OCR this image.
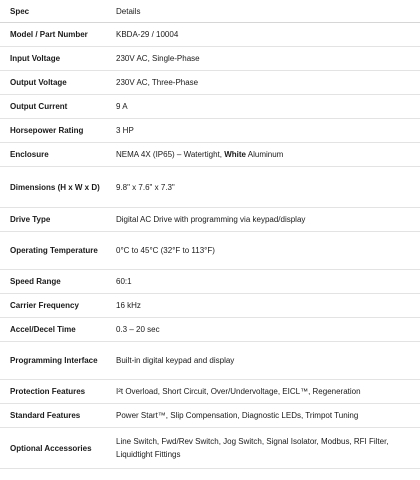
Spec	Details
Model / Part Number	KBDA-29 / 10004
Input Voltage	230V AC, Single-Phase
Output Voltage	230V AC, Three-Phase
Output Current	9 A
Horsepower Rating	3 HP
Enclosure	NEMA 4X (IP65) – Watertight, White Aluminum
Dimensions (H x W x D)	9.8" x 7.6" x 7.3"
Drive Type	Digital AC Drive with programming via keypad/display
Operating Temperature	0°C to 45°C (32°F to 113°F)
Speed Range	60:1
Carrier Frequency	16 kHz
Accel/Decel Time	0.3 – 20 sec
Programming Interface	Built-in digital keypad and display
Protection Features	I²t Overload, Short Circuit, Over/Undervoltage, EICL™, Regeneration
Standard Features	Power Start™, Slip Compensation, Diagnostic LEDs, Trimpot Tuning
Optional Accessories	Line Switch, Fwd/Rev Switch, Jog Switch, Signal Isolator, Modbus, RFI Filter, Liquidtight Fittings
